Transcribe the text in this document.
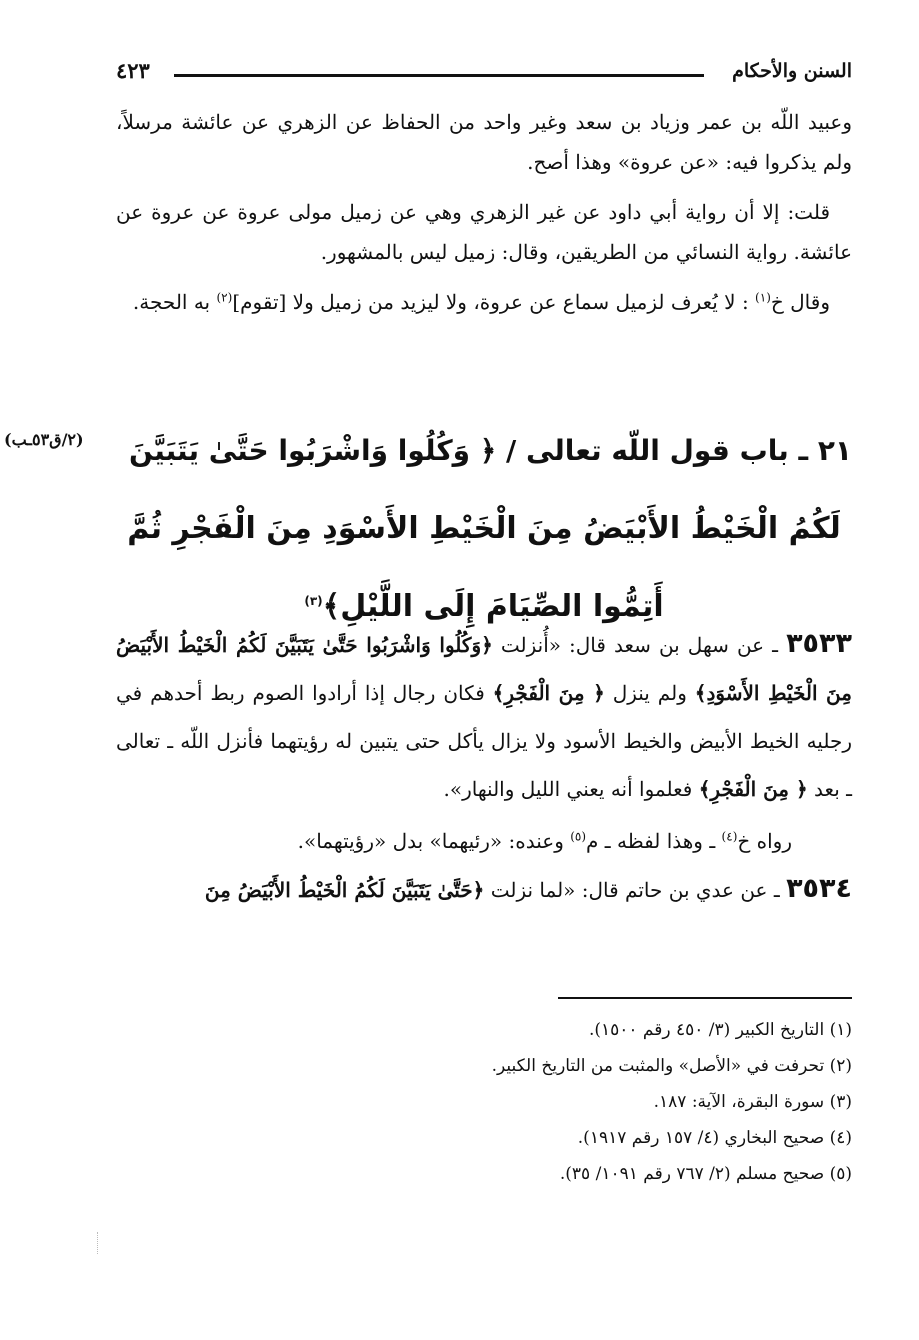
السنن والأحكام
٤٢٣

وعبيد اللّه بن عمر وزياد بن سعد وغير واحد من الحفاظ عن الزهري عن عائشة مرسلاً، ولم يذكروا فيه: «عن عروة» وهذا أصح.

قلت: إلا أن رواية أبي داود عن غير الزهري وهي عن زميل مولى عروة عن عروة عن عائشة. رواية النسائي من الطريقين، وقال: زميل ليس بالمشهور.

وقال خ$^{(١)}$ : لا يُعرف لزميل سماع عن عروة، ولا ليزيد من زميل ولا [تقوم]$^{(٢)}$ به الحجة.

(٢/ق٥٣ـب)	٢١ ـ باب قول اللّه تعالى / ﴿ وَكُلُوا وَاشْرَبُوا حَتَّىٰ يَتَبَيَّنَ
لَكُمُ الْخَيْطُ الأَبْيَضُ مِنَ الْخَيْطِ الأَسْوَدِ مِنَ الْفَجْرِ ثُمَّ
أَتِمُّوا الصِّيَامَ إِلَى اللَّيْلِ﴾$^{(٣)}$

٣٥٣٣ ـ عن سهل بن سعد قال: «أُنزلت ﴿وَكُلُوا وَاشْرَبُوا حَتَّىٰ يَتَبَيَّنَ لَكُمُ الْخَيْطُ الأَبْيَضُ مِنَ الْخَيْطِ الأَسْوَدِ﴾ ولم ينزل ﴿ مِنَ الْفَجْرِ﴾ فكان رجال إذا أرادوا الصوم ربط أحدهم في رجليه الخيط الأبيض والخيط الأسود ولا يزال يأكل حتى يتبين له رؤيتهما فأنزل اللّه ـ تعالى ـ بعد ﴿ مِنَ الْفَجْرِ﴾ فعلموا أنه يعني الليل والنهار».

رواه خ$^{(٤)}$ ـ وهذا لفظه ـ م$^{(٥)}$ وعنده: «رئيهما» بدل «رؤيتهما».

٣٥٣٤ ـ عن عدي بن حاتم قال: «لما نزلت ﴿حَتَّىٰ يَتَبَيَّنَ لَكُمُ الْخَيْطُ الأَبْيَضُ مِنَ

(١) التاريخ الكبير (٣/ ٤٥٠ رقم ١٥٠٠).
(٢) تحرفت في «الأصل» والمثبت من التاريخ الكبير.
(٣) سورة البقرة، الآية: ١٨٧.
(٤) صحيح البخاري (٤/ ١٥٧ رقم ١٩١٧).
(٥) صحيح مسلم (٢/ ٧٦٧ رقم ١٠٩١/ ٣٥).
